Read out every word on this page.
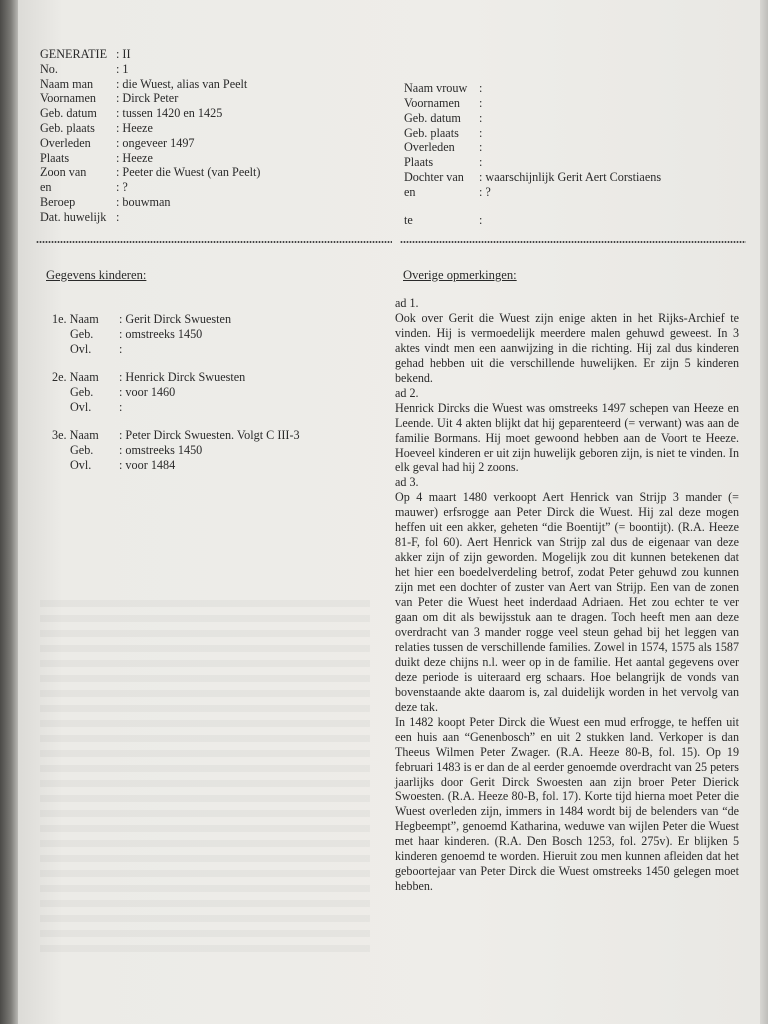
GENERATIE : II
No.	: 1
Naam man : die Wuest, alias van Peelt
Voornamen : Dirck Peter
Geb. datum : tussen 1420 en 1425
Geb. plaats : Heeze
Overleden : ongeveer 1497
Plaats	: Heeze
Zoon van : Peeter die Wuest (van Peelt)
en	: ?
Beroep	: bouwman
Dat. huwelijk :
Naam vrouw :
Voornamen :
Geb. datum :
Geb. plaats :
Overleden :
Plaats	:
Dochter van : waarschijnlijk Gerit Aert Corstiaens
en	: ?
te	:
Gegevens kinderen:
1e. Naam : Gerit Dirck Swuesten
Geb. : omstreeks 1450
Ovl. :
2e. Naam : Henrick Dirck Swuesten
Geb. : voor 1460
Ovl. :
3e. Naam : Peter Dirck Swuesten. Volgt C III-3
Geb. : omstreeks 1450
Ovl. : voor 1484
Overige opmerkingen:

ad 1.

Ook over Gerit die Wuest zijn enige akten in het Rijks-Archief te vinden. Hij is vermoedelijk meerdere malen gehuwd geweest. In 3 aktes vindt men een aanwijzing in die richting. Hij zal dus kinderen gehad hebben uit die verschillende huwelijken. Er zijn 5 kinderen bekend.

ad 2.

Henrick Dircks die Wuest was omstreeks 1497 schepen van Heeze en Leende. Uit 4 akten blijkt dat hij geparenteerd (= verwant) was aan de familie Bormans. Hij moet gewoond hebben aan de Voort te Heeze. Hoeveel kinderen er uit zijn huwelijk geboren zijn, is niet te vinden. In elk geval had hij 2 zoons.

ad 3.

Op 4 maart 1480 verkoopt Aert Henrick van Strijp 3 mander (= mauwer) erfsrogge aan Peter Dirck die Wuest. Hij zal deze mogen heffen uit een akker, geheten “die Boentijt” (= boontijt). (R.A. Heeze 81-F, fol 60). Aert Henrick van Strijp zal dus de eigenaar van deze akker zijn of zijn geworden. Mogelijk zou dit kunnen betekenen dat het hier een boedelverdeling betrof, zodat Peter gehuwd zou kunnen zijn met een dochter of zuster van Aert van Strijp. Een van de zonen van Peter die Wuest heet inderdaad Adriaen. Het zou echter te ver gaan om dit als bewijsstuk aan te dragen. Toch heeft men aan deze overdracht van 3 mander rogge veel steun gehad bij het leggen van relaties tussen de verschillende families. Zowel in 1574, 1575 als 1587 duikt deze chijns n.l. weer op in de familie. Het aantal gegevens over deze periode is uiteraard erg schaars. Hoe belangrijk de vonds van bovenstaande akte daarom is, zal duidelijk worden in het vervolg van deze tak.

In 1482 koopt Peter Dirck die Wuest een mud erfrogge, te heffen uit een huis aan “Genenbosch” en uit 2 stukken land. Verkoper is dan Theeus Wilmen Peter Zwager. (R.A. Heeze 80-B, fol. 15). Op 19 februari 1483 is er dan de al eerder genoemde overdracht van 25 peters jaarlijks door Gerit Dirck Swoesten aan zijn broer Peter Dierick Swoesten. (R.A. Heeze 80-B, fol. 17). Korte tijd hierna moet Peter die Wuest overleden zijn, immers in 1484 wordt bij de belenders van “de Hegbeempt”, genoemd Katharina, weduwe van wijlen Peter die Wuest met haar kinderen. (R.A. Den Bosch 1253, fol. 275v). Er blijken 5 kinderen genoemd te worden. Hieruit zou men kunnen afleiden dat het geboortejaar van Peter Dirck die Wuest omstreeks 1450 gelegen moet hebben.
